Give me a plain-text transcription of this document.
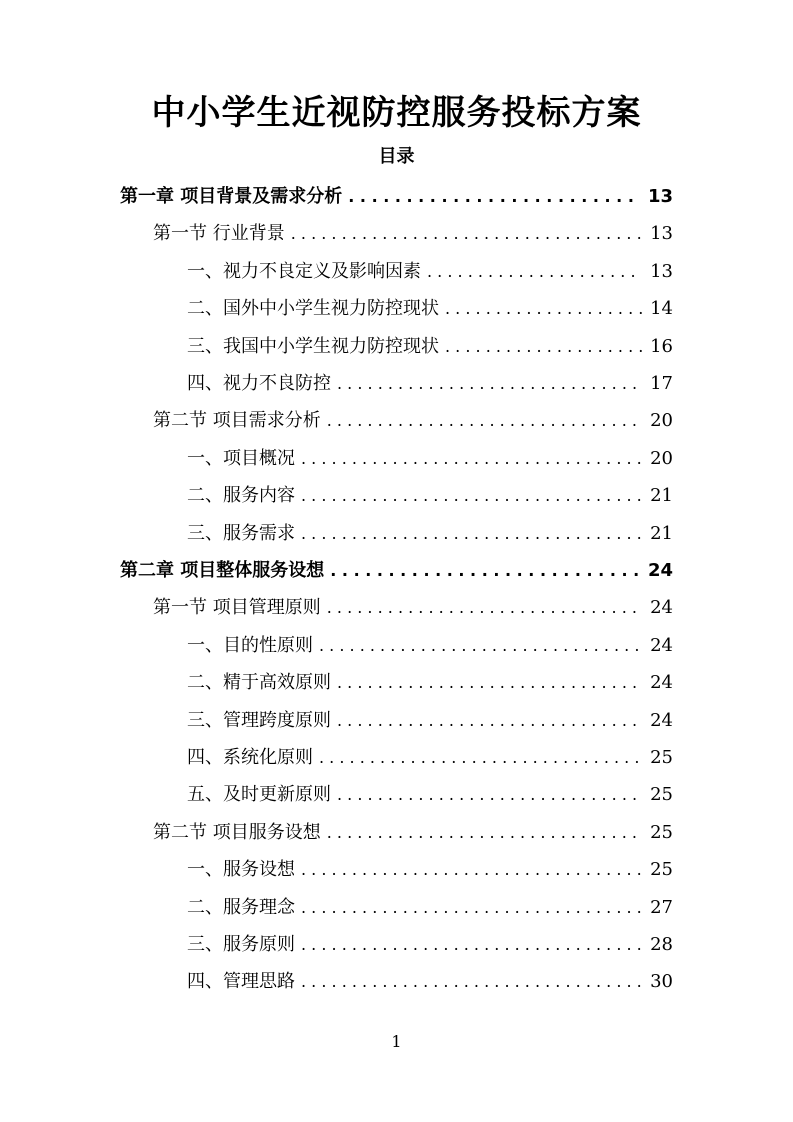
中小学生近视防控服务投标方案
目录
第一章 项目背景及需求分析 . . .	13
第一节 行业背景 . . .	13
一、视力不良定义及影响因素 . . .	13
二、国外中小学生视力防控现状 . . .	14
三、我国中小学生视力防控现状 . . .	16
四、视力不良防控 . . .	17
第二节 项目需求分析 . . .	20
一、项目概况 . . .	20
二、服务内容 . . .	21
三、服务需求 . . .	21
第二章 项目整体服务设想 . . .	24
第一节 项目管理原则 . . .	24
一、目的性原则 . . .	24
二、精于高效原则 . . .	24
三、管理跨度原则 . . .	24
四、系统化原则 . . .	25
五、及时更新原则 . . .	25
第二节 项目服务设想 . . .	25
一、服务设想 . . .	25
二、服务理念 . . .	27
三、服务原则 . . .	28
四、管理思路 . . .	30
1
